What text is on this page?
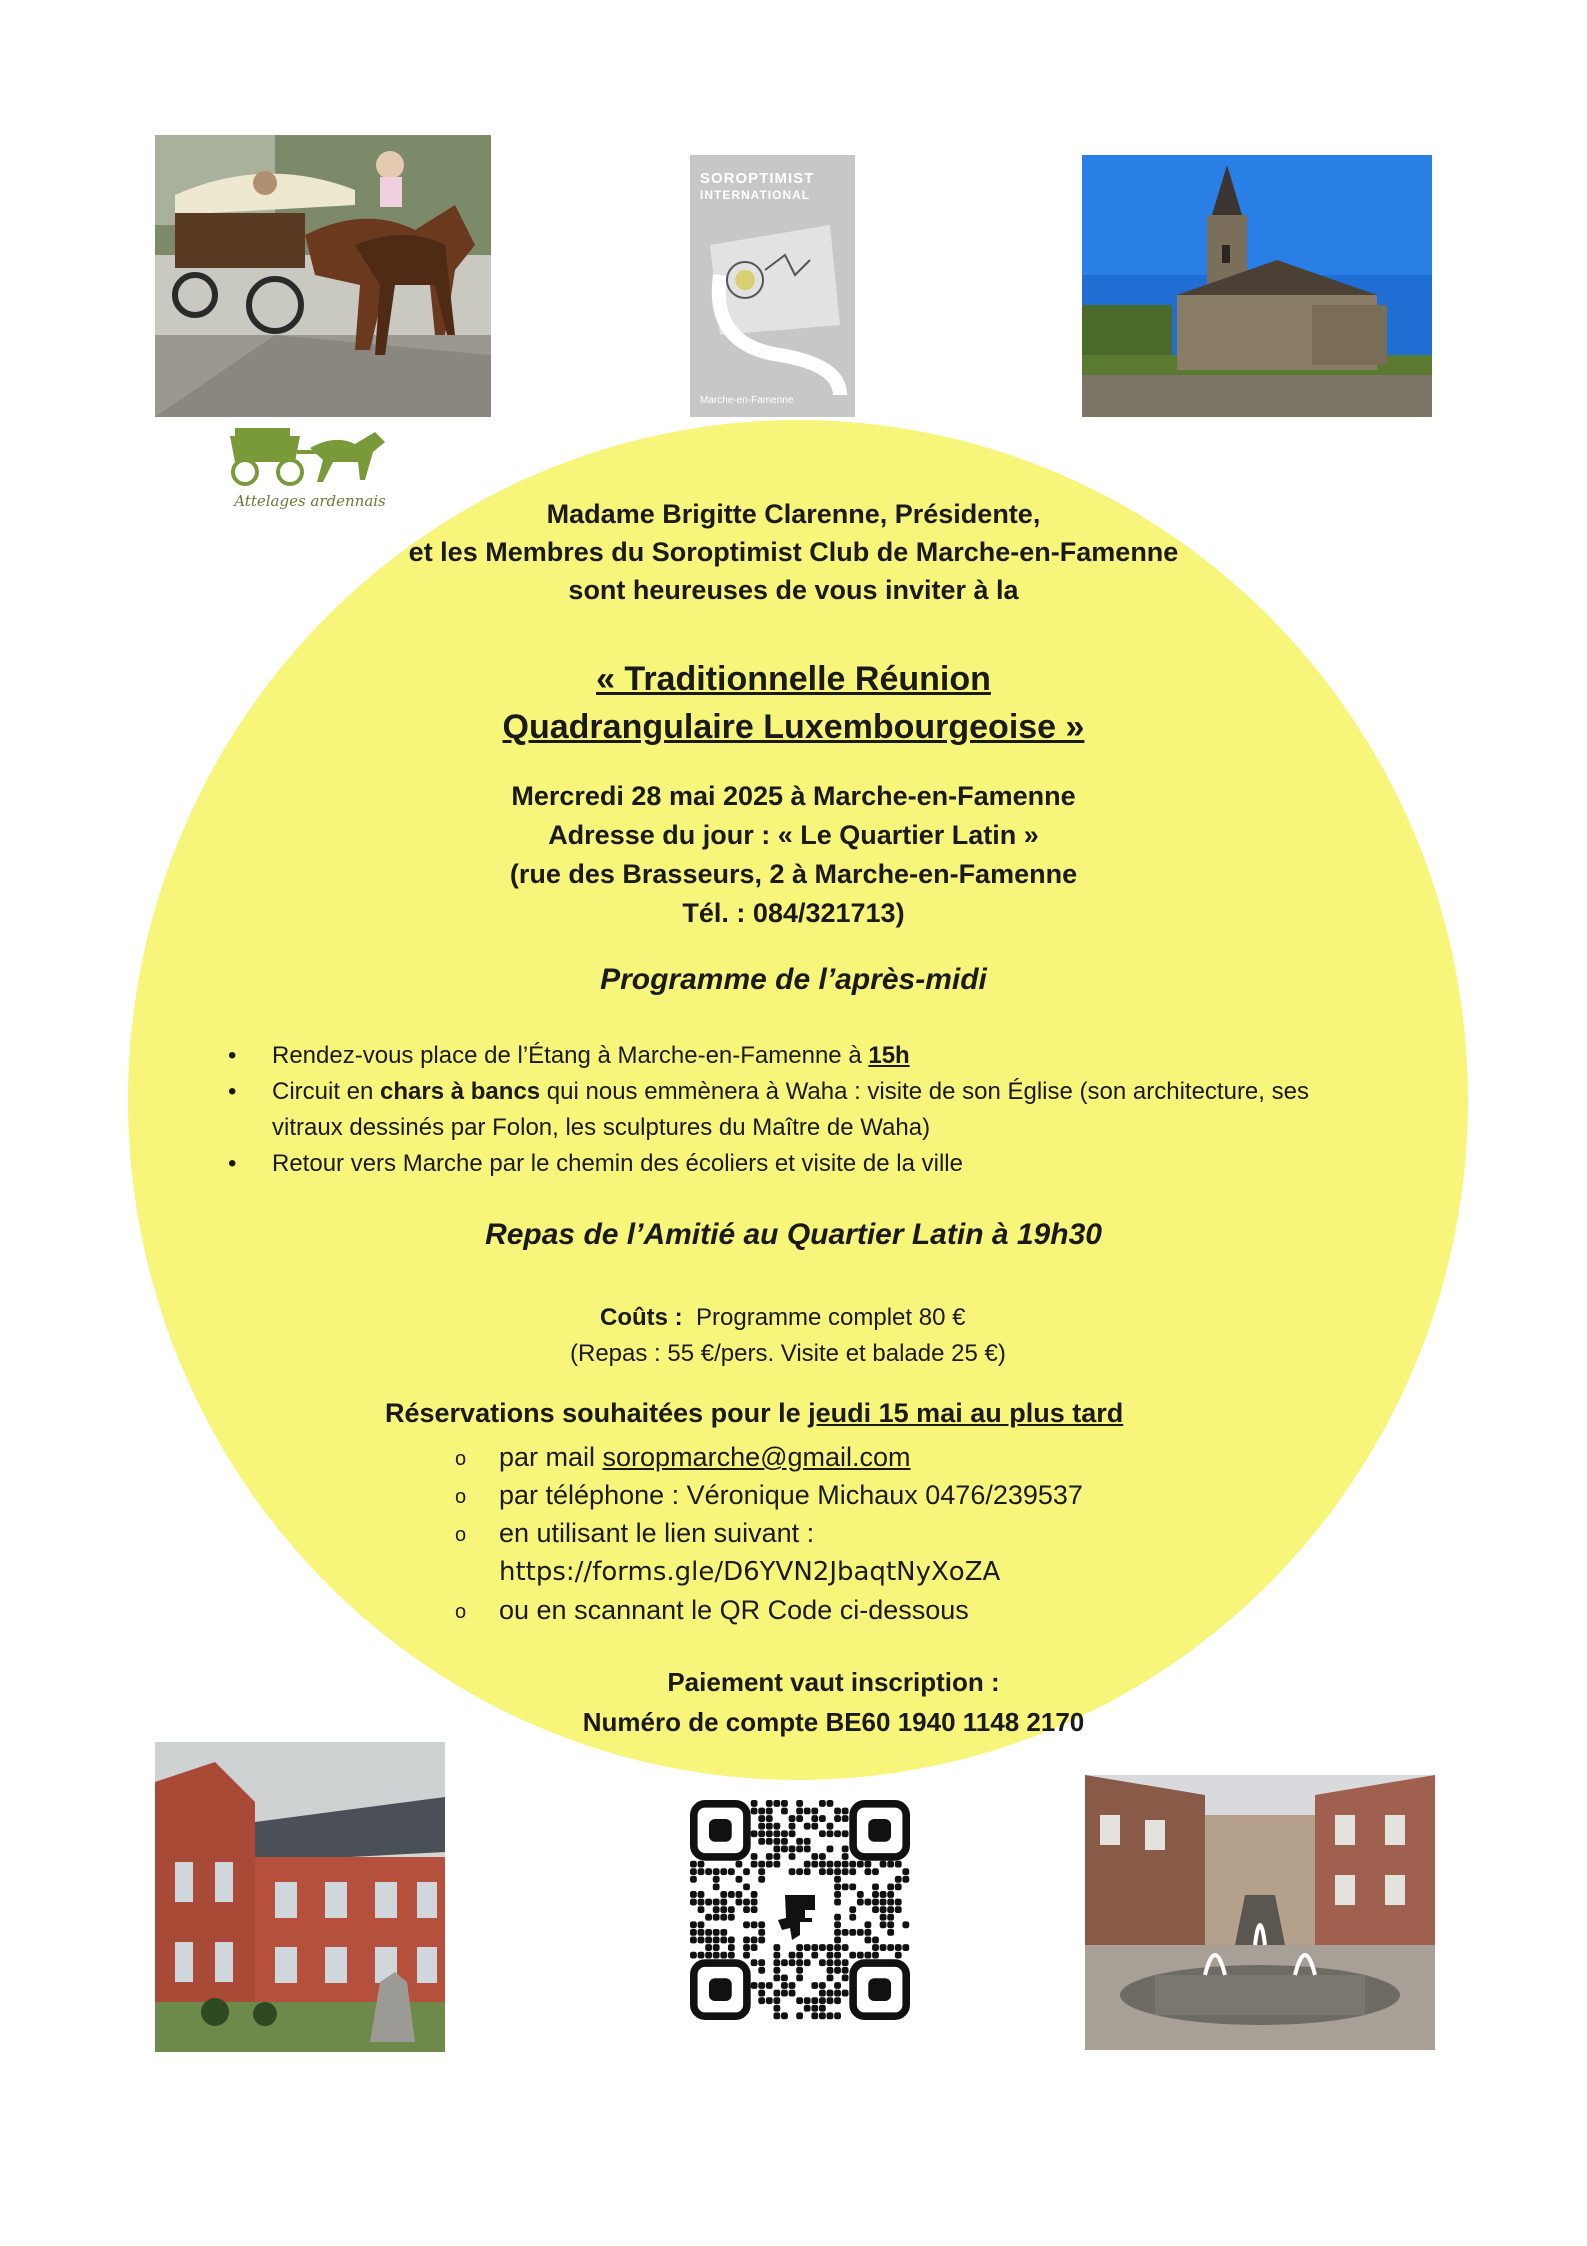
Attelages ardennais
SOROPTIMIST
INTERNATIONAL
Marche-en-Famenne
Madame Brigitte Clarenne, Présidente,
et les Membres du Soroptimist Club de Marche-en-Famenne
sont heureuses de vous inviter à la
« Traditionnelle Réunion
Quadrangulaire Luxembourgeoise »
Mercredi 28 mai 2025 à Marche-en-Famenne
Adresse du jour : « Le Quartier Latin »
(rue des Brasseurs, 2 à Marche-en-Famenne
Tél. : 084/321713)
Programme de l’après-midi
• Rendez-vous place de l’Étang à Marche-en-Famenne à 15h
• Circuit en chars à bancs qui nous emmènera à Waha : visite de son Église (son architecture, ses vitraux dessinés par Folon, les sculptures du Maître de Waha)
• Retour vers Marche par le chemin des écoliers et visite de la ville
Repas de l’Amitié au Quartier Latin à 19h30
Coûts : Programme complet 80 €
(Repas : 55 €/pers. Visite et balade 25 €)
Réservations souhaitées pour le jeudi 15 mai au plus tard
o par mail soropmarche@gmail.com
o par téléphone : Véronique Michaux 0476/239537
o en utilisant le lien suivant :
https://forms.gle/D6YVN2JbaqtNyXoZA
o ou en scannant le QR Code ci-dessous
Paiement vaut inscription :
Numéro de compte BE60 1940 1148 2170
